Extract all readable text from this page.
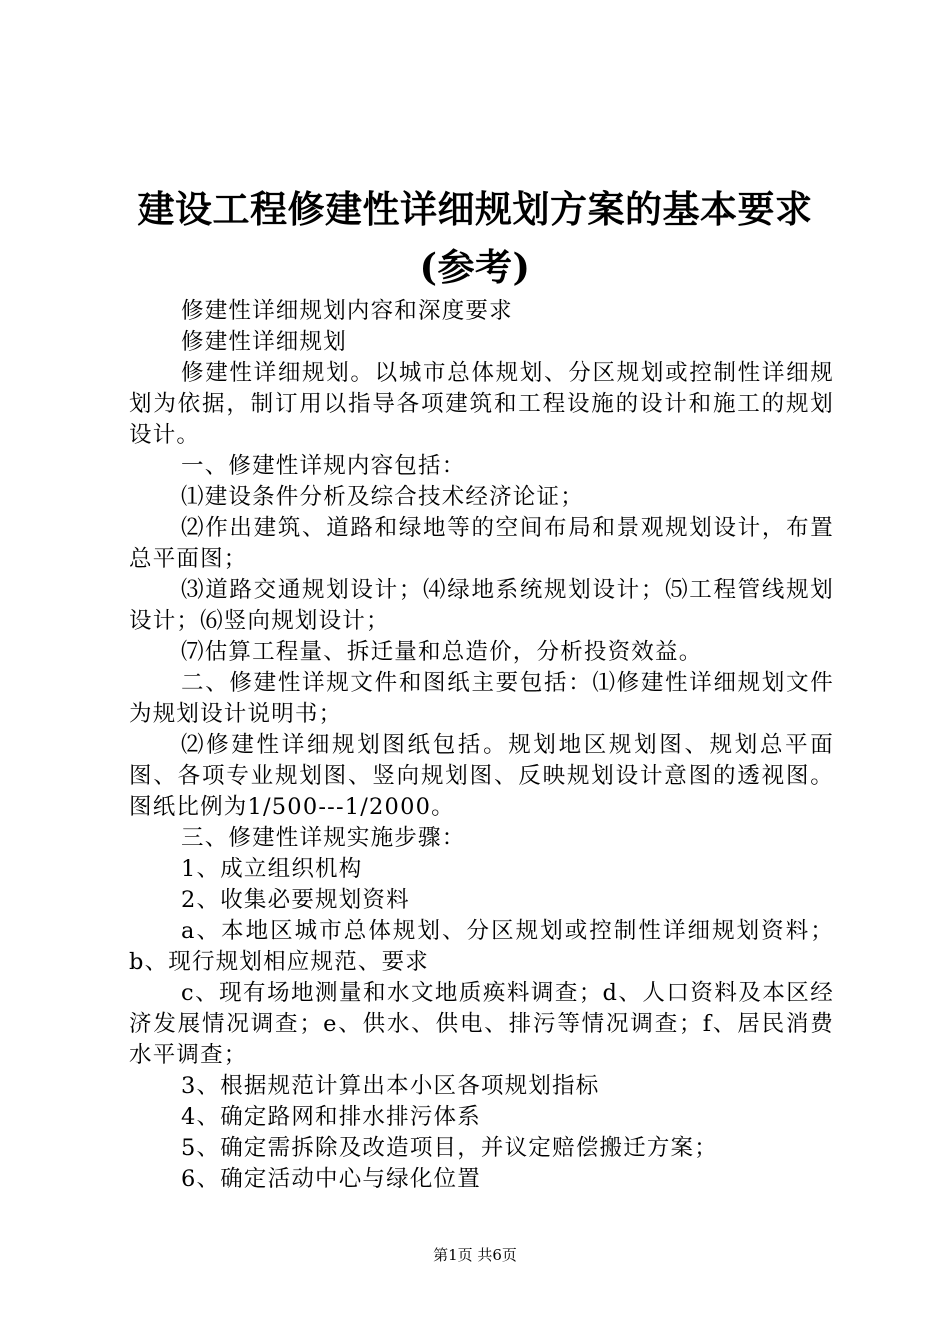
建设工程修建性详细规划方案的基本要求(参考)

修建性详细规划内容和深度要求

修建性详细规划

修建性详细规划。以城市总体规划、分区规划或控制性详细规划为依据，制订用以指导各项建筑和工程设施的设计和施工的规划设计。

一、修建性详规内容包括：

⑴建设条件分析及综合技术经济论证；

⑵作出建筑、道路和绿地等的空间布局和景观规划设计，布置总平面图；

⑶道路交通规划设计；⑷绿地系统规划设计；⑸工程管线规划设计；⑹竖向规划设计；

⑺估算工程量、拆迁量和总造价，分析投资效益。

二、修建性详规文件和图纸主要包括：⑴修建性详细规划文件为规划设计说明书；

⑵修建性详细规划图纸包括。规划地区规划图、规划总平面图、各项专业规划图、竖向规划图、反映规划设计意图的透视图。图纸比例为1/500---1/2000。

三、修建性详规实施步骤：

1、成立组织机构

2、收集必要规划资料

a、本地区城市总体规划、分区规划或控制性详细规划资料；b、现行规划相应规范、要求

c、现有场地测量和水文地质痪料调查；d、人口资料及本区经济发展情况调查；e、供水、供电、排污等情况调查；f、居民消费水平调查；

3、根据规范计算出本小区各项规划指标

4、确定路网和排水排污体系

5、确定需拆除及改造项目，并议定赔偿搬迁方案；

6、确定活动中心与绿化位置

第1页 共6页
